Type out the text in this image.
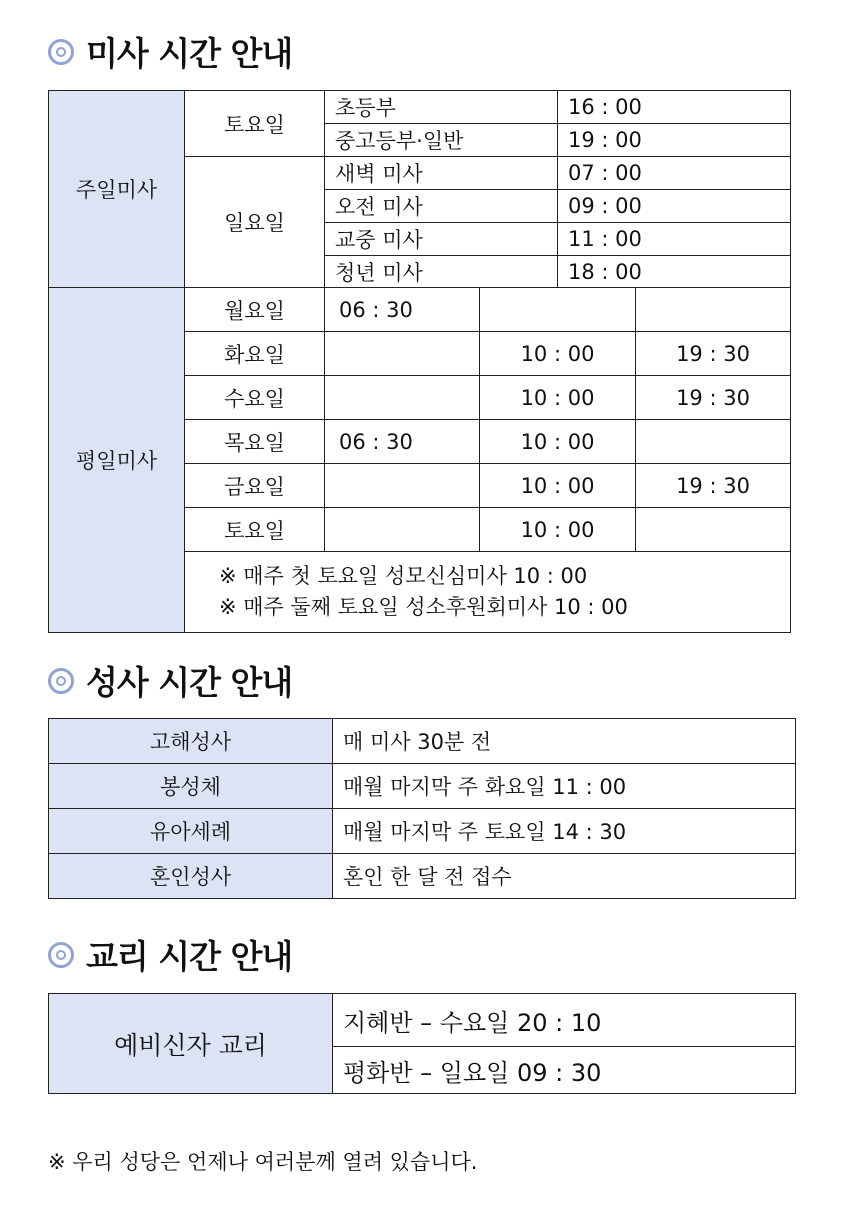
미사 시간 안내
주일미사	토요일	초등부	16 : 00
		중고등부·일반	19 : 00
	일요일	새벽 미사	07 : 00
		오전 미사	09 : 00
		교중 미사	11 : 00
		청년 미사	18 : 00
평일미사	월요일	06 : 30		
	화요일		10 : 00	19 : 30
	수요일		10 : 00	19 : 30
	목요일	06 : 30	10 : 00	
	금요일		10 : 00	19 : 30
	토요일		10 : 00	

	※ 매주 첫 토요일 성모신심미사 10 : 00
※ 매주 둘째 토요일 성소후원회미사 10 : 00			
성사 시간 안내
고해성사	매 미사 30분 전
봉성체	매월 마지막 주 화요일 11 : 00
유아세례	매월 마지막 주 토요일 14 : 30
혼인성사	혼인 한 달 전 접수
교리 시간 안내
예비신자 교리	지혜반 – 수요일 20 : 10
평화반 – 일요일 09 : 30
※ 우리 성당은 언제나 여러분께 열려 있습니다.
